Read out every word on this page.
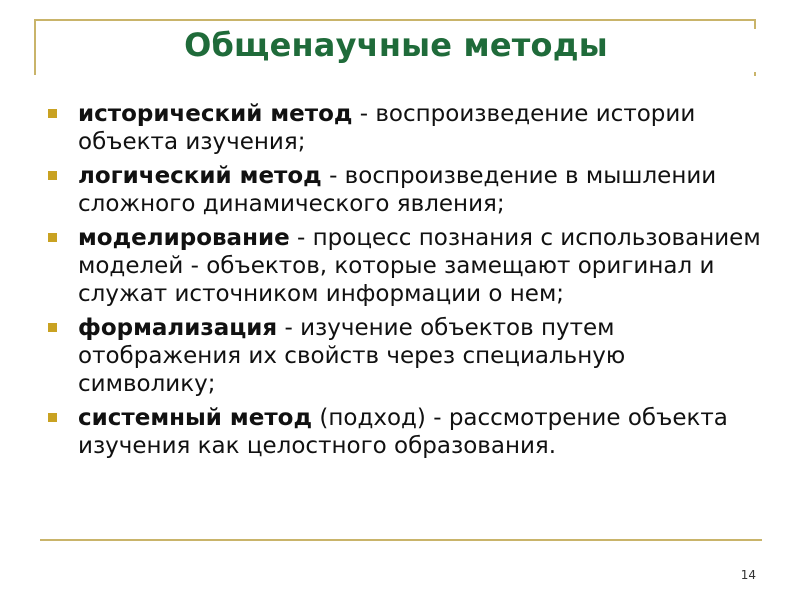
Общенаучные методы
исторический метод - воспроизведение истории объекта изучения;
логический метод - воспроизведение в мышлении сложного динамического явления;
моделирование - процесс познания с использованием моделей - объектов, которые замещают оригинал и служат источником информации о нем;
формализация - изучение объектов путем отображения их свойств через специальную символику;
системный метод (подход) - рассмотрение объекта изучения как целостного образования.
14
